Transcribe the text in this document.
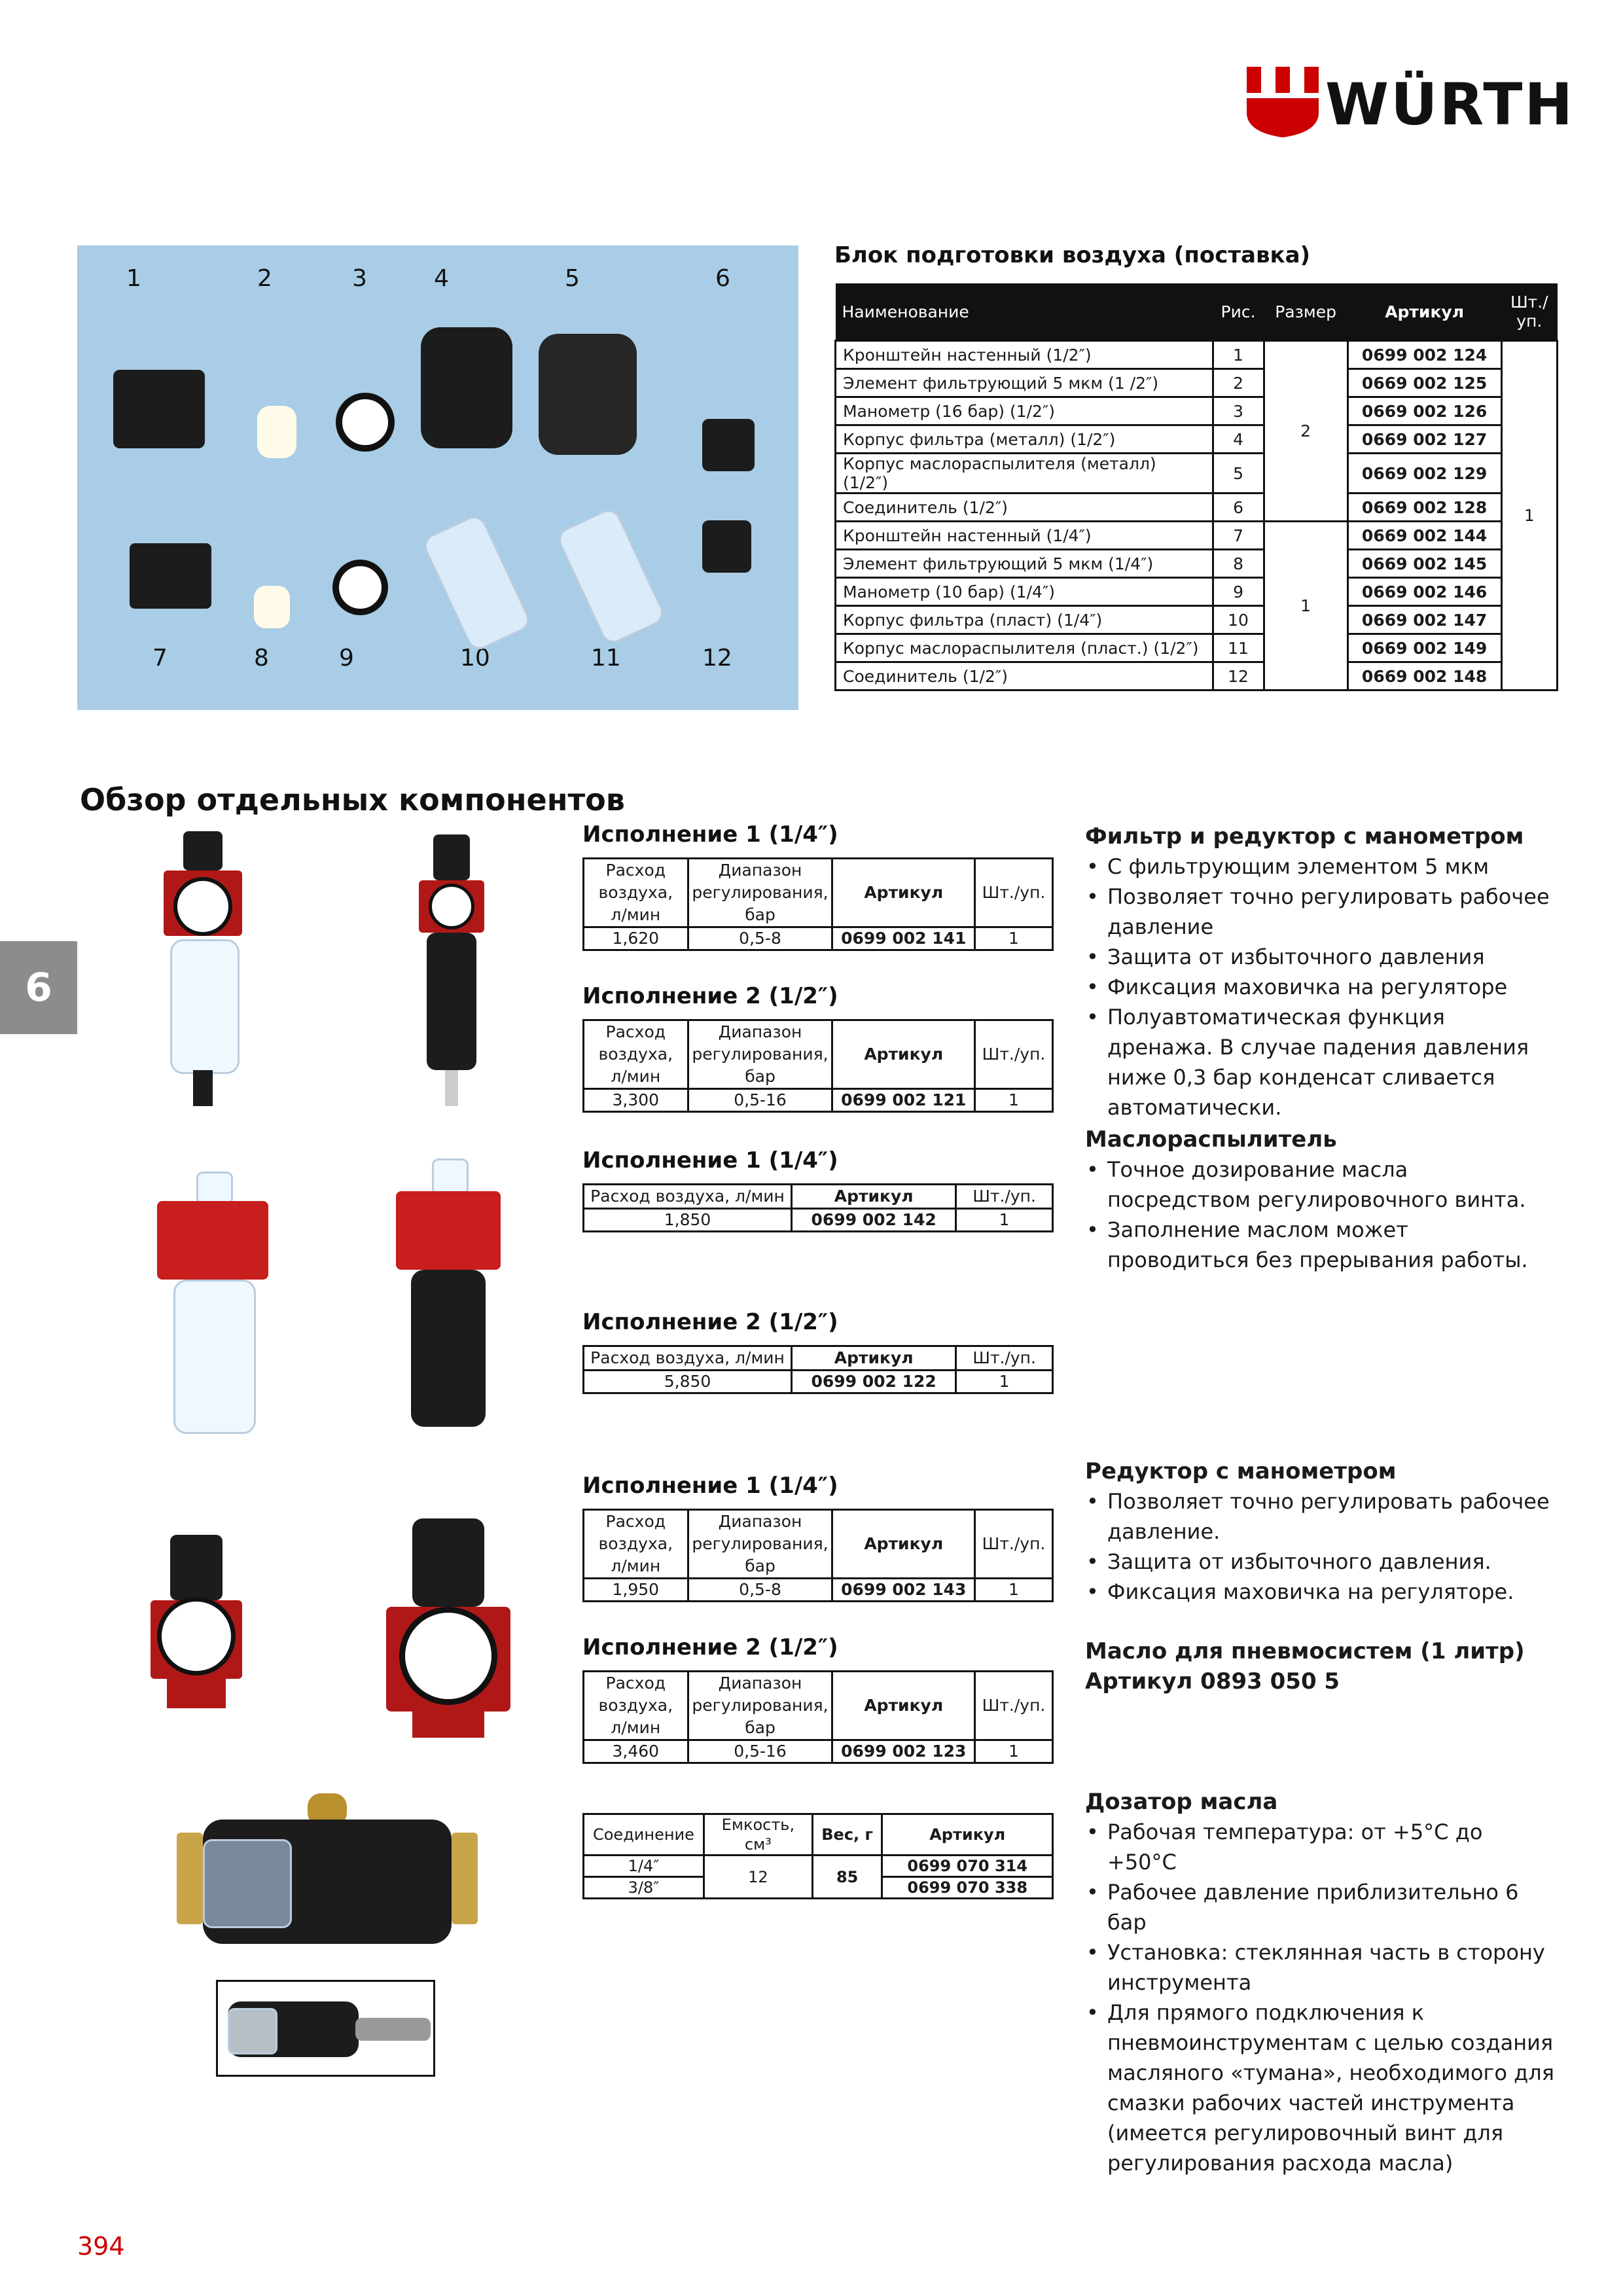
WÜRTH
1	2	3	4	5	6
7	8	9	10	11	12
Блок подготовки воздуха (поставка)
Наименование	Рис.	Размер	Артикул	Шт./ уп.
Кронштейн настенный (1/2″)	1	2	0699 002 124	1
Элемент фильтрующий 5 мкм (1 /2″)	2		0669 002 125	
Манометр (16 бар) (1/2″)	3		0669 002 126	
Корпус фильтра (металл) (1/2″)	4		0669 002 127	
Корпус маслораспылителя (металл) (1/2″)	5		0669 002 129	
Соединитель (1/2″)	6		0669 002 128	
Кронштейн настенный (1/4″)	7	1	0669 002 144	
Элемент фильтрующий 5 мкм (1/4″)	8		0669 002 145	
Манометр (10 бар) (1/4″)	9		0669 002 146	
Корпус фильтра (пласт) (1/4″)	10		0669 002 147	
Корпус маслораспылителя (пласт.) (1/2″)	11		0669 002 149	
Соединитель (1/2″)	12		0669 002 148	
Обзор отдельных компонентов
6
Исполнение 1 (1/4″)
Расход
воздуха,
л/мин	Диапазон
регулирования,
бар	Артикул	Шт./уп.
1,620	0,5-8	0699 002 141	1
Исполнение 2 (1/2″)
Расход
воздуха,
л/мин	Диапазон
регулирования,
бар	Артикул	Шт./уп.
3,300	0,5-16	0699 002 121	1
Исполнение 1 (1/4″)
Расход воздуха, л/мин	Артикул	Шт./уп.
1,850	0699 002 142	1
Исполнение 2 (1/2″)
Расход воздуха, л/мин	Артикул	Шт./уп.
5,850	0699 002 122	1
Исполнение 1 (1/4″)
Расход
воздуха,
л/мин	Диапазон
регулирования,
бар	Артикул	Шт./уп.
1,950	0,5-8	0699 002 143	1
Исполнение 2 (1/2″)
Расход
воздуха,
л/мин	Диапазон
регулирования,
бар	Артикул	Шт./уп.
3,460	0,5-16	0699 002 123	1
Соединение	Емкость, см³	Вес, г	Артикул
1/4″	12	85	0699 070 314
3/8″			0699 070 338
Фильтр и редуктор с манометром
• С фильтрующим элементом 5 мкм
• Позволяет точно регулировать рабочее давление
• Защита от избыточного давления
• Фиксация маховичка на регуляторе
• Полуавтоматическая функция дренажа. В случае падения давления ниже 0,3 бар конденсат сливается автоматически.
Маслораспылитель
• Точное дозирование масла посредством регулировочного винта.
• Заполнение маслом может проводиться без прерывания работы.
Редуктор с манометром
• Позволяет точно регулировать рабочее давление.
• Защита от избыточного давления.
• Фиксация маховичка на регуляторе.
Масло для пневмосистем (1 литр)
Артикул 0893 050 5
Дозатор масла
• Рабочая температура: от +5°C до +50°C
• Рабочее давление приблизительно 6 бар
• Установка: стеклянная часть в сторону инструмента
• Для прямого подключения к пневмоинструментам с целью создания масляного «тумана», необходимого для смазки рабочих частей инструмента (имеется регулировочный винт для регулирования расхода масла)
394
